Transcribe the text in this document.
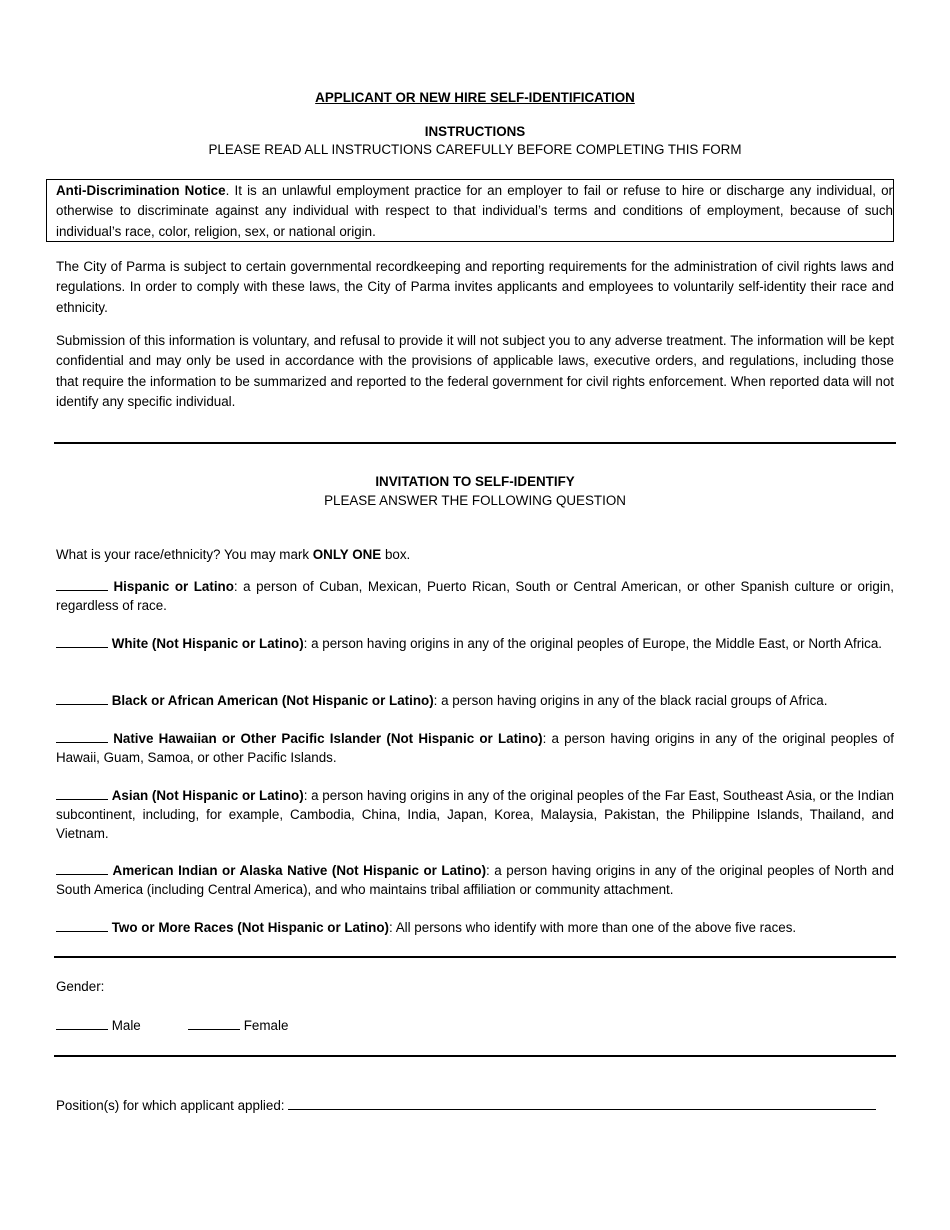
APPLICANT OR NEW HIRE SELF-IDENTIFICATION
INSTRUCTIONS
PLEASE READ ALL INSTRUCTIONS CAREFULLY BEFORE COMPLETING THIS FORM

Anti-Discrimination Notice. It is an unlawful employment practice for an employer to fail or refuse to hire or discharge any individual, or otherwise to discriminate against any individual with respect to that individual’s terms and conditions of employment, because of such individual’s race, color, religion, sex, or national origin.

The City of Parma is subject to certain governmental recordkeeping and reporting requirements for the administration of civil rights laws and regulations. In order to comply with these laws, the City of Parma invites applicants and employees to voluntarily self-identity their race and ethnicity.

Submission of this information is voluntary, and refusal to provide it will not subject you to any adverse treatment. The information will be kept confidential and may only be used in accordance with the provisions of applicable laws, executive orders, and regulations, including those that require the information to be summarized and reported to the federal government for civil rights enforcement. When reported data will not identify any specific individual.

INVITATION TO SELF-IDENTIFY
PLEASE ANSWER THE FOLLOWING QUESTION

What is your race/ethnicity? You may mark ONLY ONE box.

Hispanic or Latino: a person of Cuban, Mexican, Puerto Rican, South or Central American, or other Spanish culture or origin, regardless of race.

White (Not Hispanic or Latino): a person having origins in any of the original peoples of Europe, the Middle East, or North Africa.

Black or African American (Not Hispanic or Latino): a person having origins in any of the black racial groups of Africa.

Native Hawaiian or Other Pacific Islander (Not Hispanic or Latino): a person having origins in any of the original peoples of Hawaii, Guam, Samoa, or other Pacific Islands.

Asian (Not Hispanic or Latino): a person having origins in any of the original peoples of the Far East, Southeast Asia, or the Indian subcontinent, including, for example, Cambodia, China, India, Japan, Korea, Malaysia, Pakistan, the Philippine Islands, Thailand, and Vietnam.

American Indian or Alaska Native (Not Hispanic or Latino): a person having origins in any of the original peoples of North and South America (including Central America), and who maintains tribal affiliation or community attachment.

Two or More Races (Not Hispanic or Latino): All persons who identify with more than one of the above five races.

Gender:
Male	Female
Position(s) for which applicant applied:
